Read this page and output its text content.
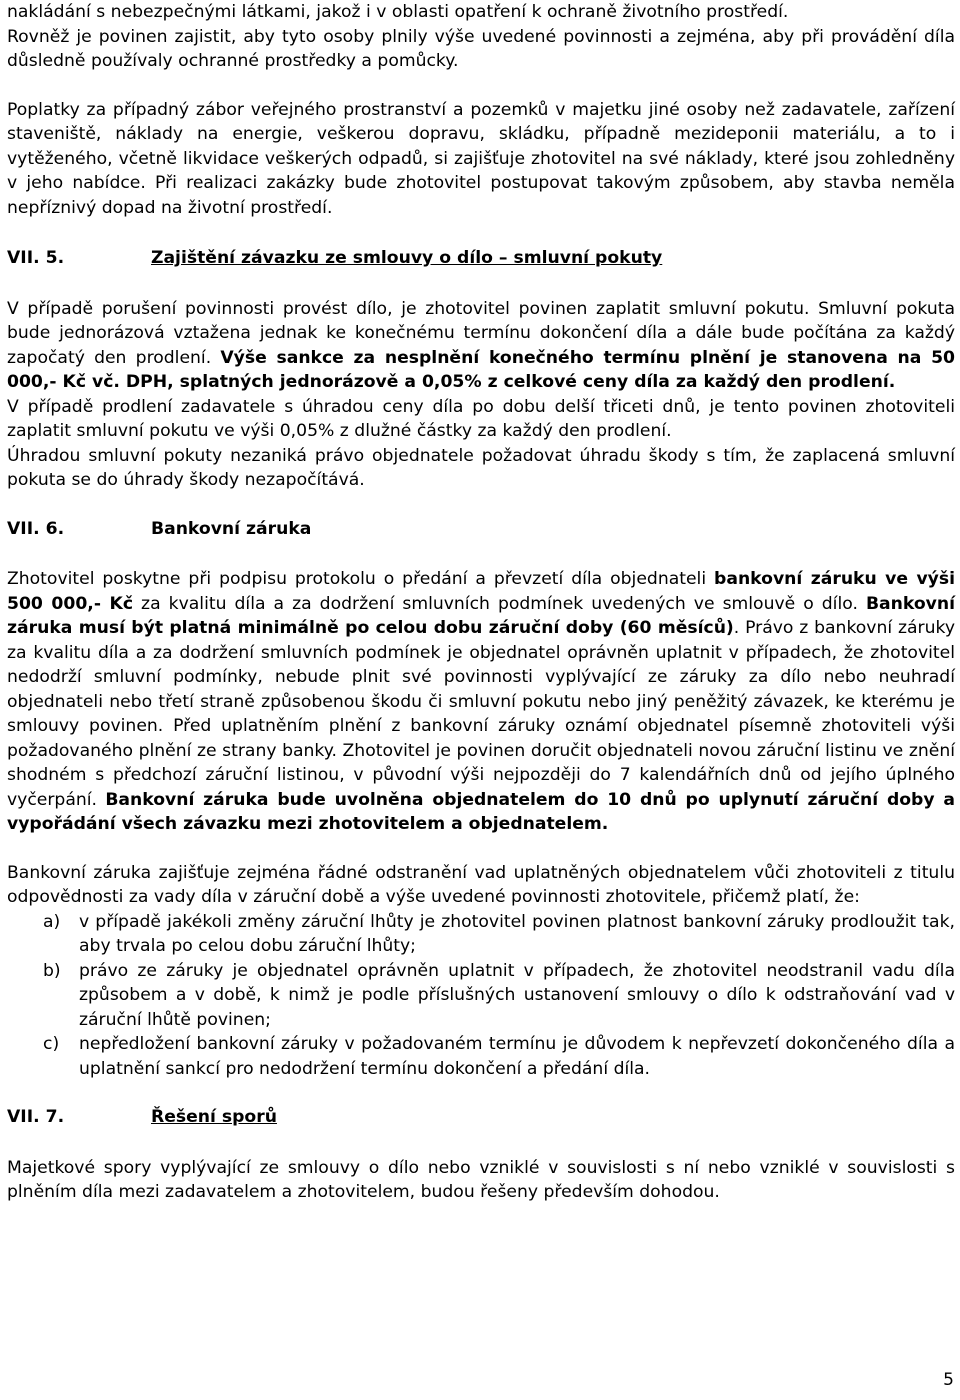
nakládání s nebezpečnými látkami, jakož i v oblasti opatření k ochraně životního prostředí.

Rovněž je povinen zajistit, aby tyto osoby plnily výše uvedené povinnosti a zejména, aby při provádění díla důsledně používaly ochranné prostředky a pomůcky.

Poplatky za případný zábor veřejného prostranství a pozemků v majetku jiné osoby než zadavatele, zařízení staveniště, náklady na energie, veškerou dopravu, skládku, případně mezideponii materiálu, a to i vytěženého, včetně likvidace veškerých odpadů, si zajišťuje zhotovitel na své náklady, které jsou zohledněny v jeho nabídce. Při realizaci zakázky bude zhotovitel postupovat takovým způsobem, aby stavba neměla nepříznivý dopad na životní prostředí.

VII. 5.	Zajištění závazku ze smlouvy o dílo – smluvní pokuty

V případě porušení povinnosti provést dílo, je zhotovitel povinen zaplatit smluvní pokutu. Smluvní pokuta bude jednorázová vztažena jednak ke konečnému termínu dokončení díla a dále bude počítána za každý započatý den prodlení. Výše sankce za nesplnění konečného termínu plnění je stanovena na 50 000,- Kč vč. DPH, splatných jednorázově a 0,05% z celkové ceny díla za každý den prodlení.

V případě prodlení zadavatele s úhradou ceny díla po dobu delší třiceti dnů, je tento povinen zhotoviteli zaplatit smluvní pokutu ve výši 0,05% z dlužné částky za každý den prodlení.

Úhradou smluvní pokuty nezaniká právo objednatele požadovat úhradu škody s tím, že zaplacená smluvní pokuta se do úhrady škody nezapočítává.

VII. 6.	Bankovní záruka

Zhotovitel poskytne při podpisu protokolu o předání a převzetí díla objednateli bankovní záruku ve výši 500 000,- Kč za kvalitu díla a za dodržení smluvních podmínek uvedených ve smlouvě o dílo. Bankovní záruka musí být platná minimálně po celou dobu záruční doby (60 měsíců). Právo z bankovní záruky za kvalitu díla a za dodržení smluvních podmínek je objednatel oprávněn uplatnit v případech, že zhotovitel nedodrží smluvní podmínky, nebude plnit své povinnosti vyplývající ze záruky za dílo nebo neuhradí objednateli nebo třetí straně způsobenou škodu či smluvní pokutu nebo jiný peněžitý závazek, ke kterému je smlouvy povinen. Před uplatněním plnění z bankovní záruky oznámí objednatel písemně zhotoviteli výši požadovaného plnění ze strany banky. Zhotovitel je povinen doručit objednateli novou záruční listinu ve znění shodném s předchozí záruční listinou, v původní výši nejpozději do 7 kalendářních dnů od jejího úplného vyčerpání. Bankovní záruka bude uvolněna objednatelem do 10 dnů po uplynutí záruční doby a vypořádání všech závazku mezi zhotovitelem a objednatelem.

Bankovní záruka zajišťuje zejména řádné odstranění vad uplatněných objednatelem vůči zhotoviteli z titulu odpovědnosti za vady díla v záruční době a výše uvedené povinnosti zhotovitele, přičemž platí, že:

a)	v případě jakékoli změny záruční lhůty je zhotovitel povinen platnost bankovní záruky prodloužit tak, aby trvala po celou dobu záruční lhůty;
b)	právo ze záruky je objednatel oprávněn uplatnit v případech, že zhotovitel neodstranil vadu díla způsobem a v době, k nimž je podle příslušných ustanovení smlouvy o dílo k odstraňování vad v záruční lhůtě povinen;
c)	nepředložení bankovní záruky v požadovaném termínu je důvodem k nepřevzetí dokončeného díla a uplatnění sankcí pro nedodržení termínu dokončení a předání díla.
VII. 7.	Řešení sporů

Majetkové spory vyplývající ze smlouvy o dílo nebo vzniklé v souvislosti s ní nebo vzniklé v souvislosti s plněním díla mezi zadavatelem a zhotovitelem, budou řešeny především dohodou.

5
